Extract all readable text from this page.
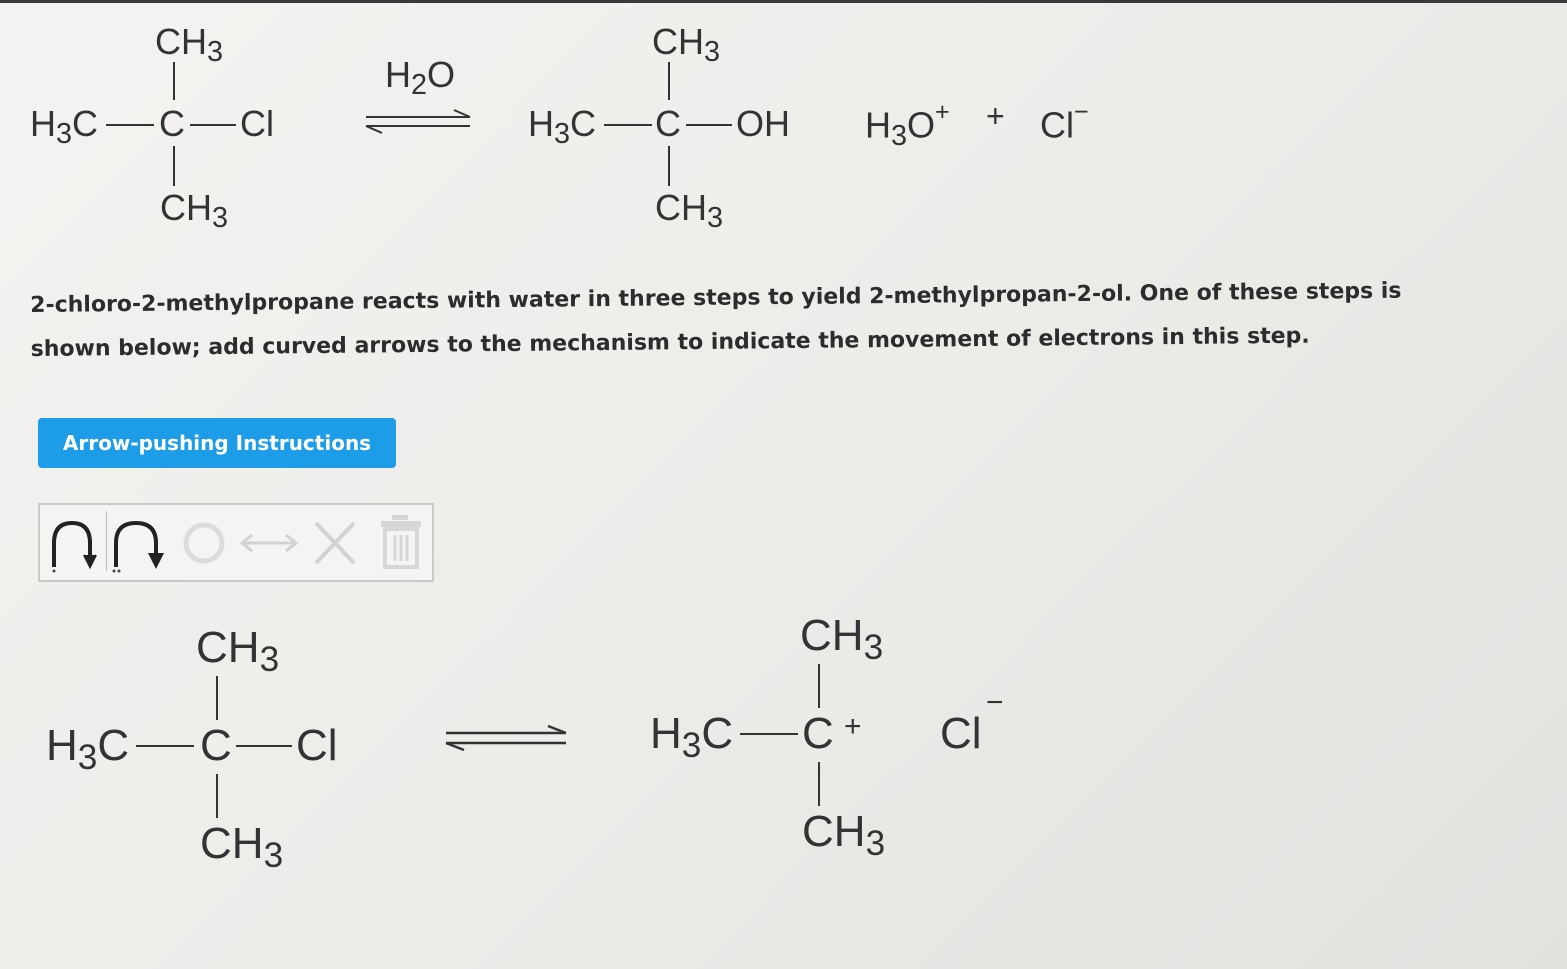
$CH_3$
$H_3C$ C Cl
$CH_3$
$H_2O$
$CH_3$
$H_3C$ C OH
$CH_3$
$H_3O^+ + Cl^-$
2-chloro-2-methylpropane reacts with water in three steps to yield 2-methylpropan-2-ol. One of these steps is
shown below; add curved arrows to the mechanism to indicate the movement of electrons in this step.
Arrow-pushing Instructions
$CH_3$
$H_3C$ C Cl
$CH_3$
$CH_3$
$H_3C$ C +
$CH_3$
Cl
−
